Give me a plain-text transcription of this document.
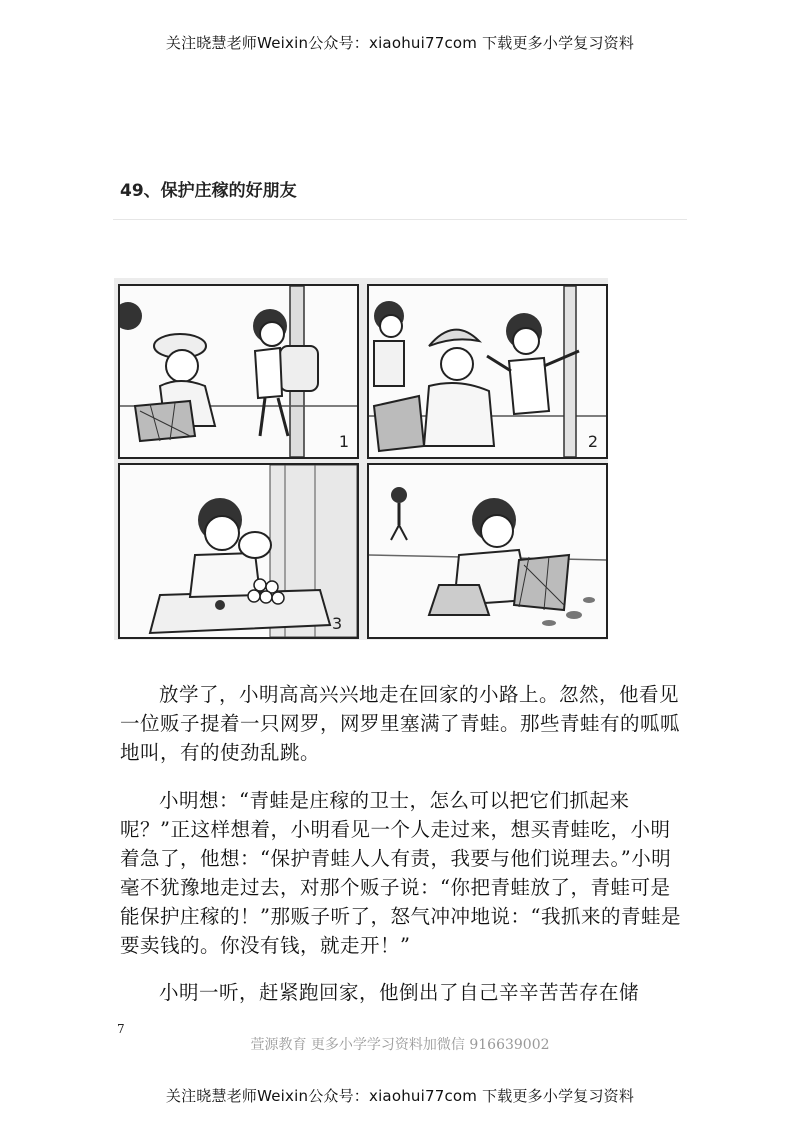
关注晓慧老师Weixin公众号：xiaohui77com 下载更多小学复习资料
49、保护庄稼的好朋友
1	2
3

放学了，小明高高兴兴地走在回家的小路上。忽然，他看见一位贩子提着一只网罗，网罗里塞满了青蛙。那些青蛙有的呱呱地叫，有的使劲乱跳。

小明想：“青蛙是庄稼的卫士，怎么可以把它们抓起来呢？”正这样想着，小明看见一个人走过来，想买青蛙吃，小明着急了，他想：“保护青蛙人人有责，我要与他们说理去。”小明毫不犹豫地走过去，对那个贩子说：“你把青蛙放了，青蛙可是能保护庄稼的！”那贩子听了，怒气冲冲地说：“我抓来的青蛙是要卖钱的。你没有钱，就走开！”

小明一听，赶紧跑回家，他倒出了自己辛辛苦苦存在储

7
萱源教育 更多小学学习资料加微信 916639002
关注晓慧老师Weixin公众号：xiaohui77com 下载更多小学复习资料
